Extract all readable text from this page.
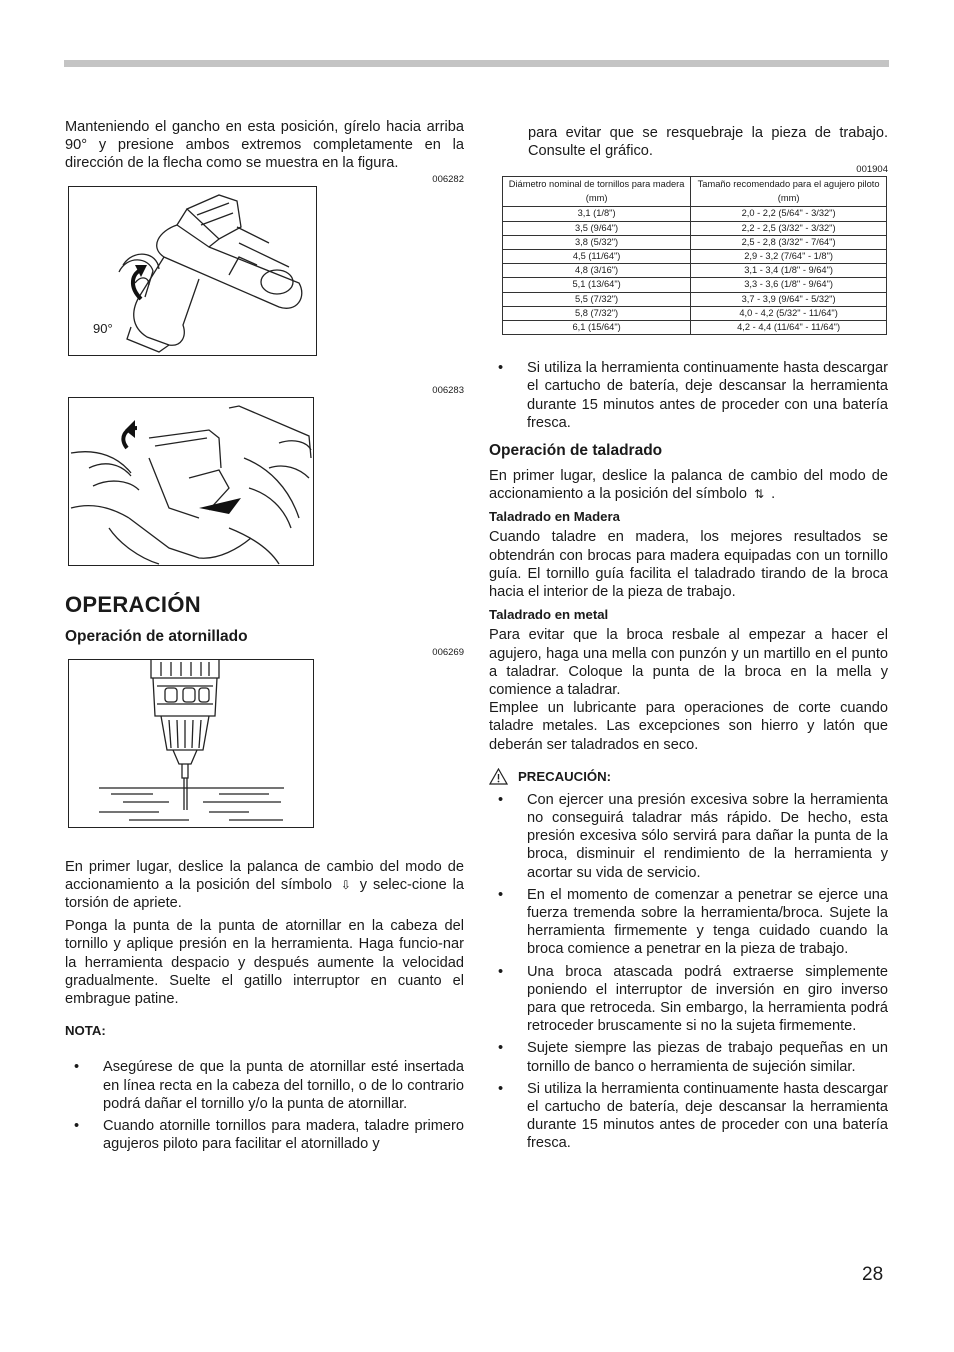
Manteniendo el gancho en esta posición, gírelo hacia arriba 90° y presione ambos extremos completamente en la dirección de la flecha como se muestra en la figura.

006282
90°
006283
OPERACIÓN
Operación de atornillado
006269

En primer lugar, deslice la palanca de cambio del modo de accionamiento a la posición del símbolo ⇩ y selec-cione la torsión de apriete.

Ponga la punta de la punta de atornillar en la cabeza del tornillo y aplique presión en la herramienta. Haga funcio-nar la herramienta despacio y después aumente la velocidad gradualmente. Suelte el gatillo interruptor en cuanto el embrague patine.

NOTA:

• Asegúrese de que la punta de atornillar esté insertada en línea recta en la cabeza del tornillo, o de lo contrario podrá dañar el tornillo y/o la punta de atornillar.
• Cuando atornille tornillos para madera, taladre primero agujeros piloto para facilitar el atornillado y

para evitar que se resquebraje la pieza de trabajo. Consulte el gráfico.

001904
Diámetro nominal de tornillos para madera (mm)	Tamaño recomendado para el agujero piloto (mm)
3,1 (1/8")	2,0 - 2,2 (5/64" - 3/32")
3,5 (9/64")	2,2 - 2,5 (3/32" - 3/32")
3,8 (5/32")	2,5 - 2,8 (3/32" - 7/64")
4,5 (11/64")	2,9 - 3,2 (7/64" - 1/8")
4,8 (3/16")	3,1 - 3,4 (1/8" - 9/64")
5,1 (13/64")	3,3 - 3,6 (1/8" - 9/64")
5,5 (7/32")	3,7 - 3,9 (9/64" - 5/32")
5,8 (7/32")	4,0 - 4,2 (5/32" - 11/64")
6,1 (15/64")	4,2 - 4,4 (11/64" - 11/64")
• Si utiliza la herramienta continuamente hasta descargar el cartucho de batería, deje descansar la herramienta durante 15 minutos antes de proceder con una batería fresca.
Operación de taladrado

En primer lugar, deslice la palanca de cambio del modo de accionamiento a la posición del símbolo ⇅ .

Taladrado en Madera

Cuando taladre en madera, los mejores resultados se obtendrán con brocas para madera equipadas con un tornillo guía. El tornillo guía facilita el taladrado tirando de la broca hacia el interior de la pieza de trabajo.

Taladrado en metal

Para evitar que la broca resbale al empezar a hacer el agujero, haga una mella con punzón y un martillo en el punto a taladrar. Coloque la punta de la broca en la mella y comience a taladrar.

Emplee un lubricante para operaciones de corte cuando taladre metales. Las excepciones son hierro y latón que deberán ser taladrados en seco.

PRECAUCIÓN:
• Con ejercer una presión excesiva sobre la herramienta no conseguirá taladrar más rápido. De hecho, esta presión excesiva sólo servirá para dañar la punta de la broca, disminuir el rendimiento de la herramienta y acortar su vida de servicio.
• En el momento de comenzar a penetrar se ejerce una fuerza tremenda sobre la herramienta/broca. Sujete la herramienta firmemente y tenga cuidado cuando la broca comience a penetrar en la pieza de trabajo.
• Una broca atascada podrá extraerse simplemente poniendo el interruptor de inversión en giro inverso para que retroceda. Sin embargo, la herramienta podrá retroceder bruscamente si no la sujeta firmemente.
• Sujete siempre las piezas de trabajo pequeñas en un tornillo de banco o herramienta de sujeción similar.
• Si utiliza la herramienta continuamente hasta descargar el cartucho de batería, deje descansar la herramienta durante 15 minutos antes de proceder con una batería fresca.
28
